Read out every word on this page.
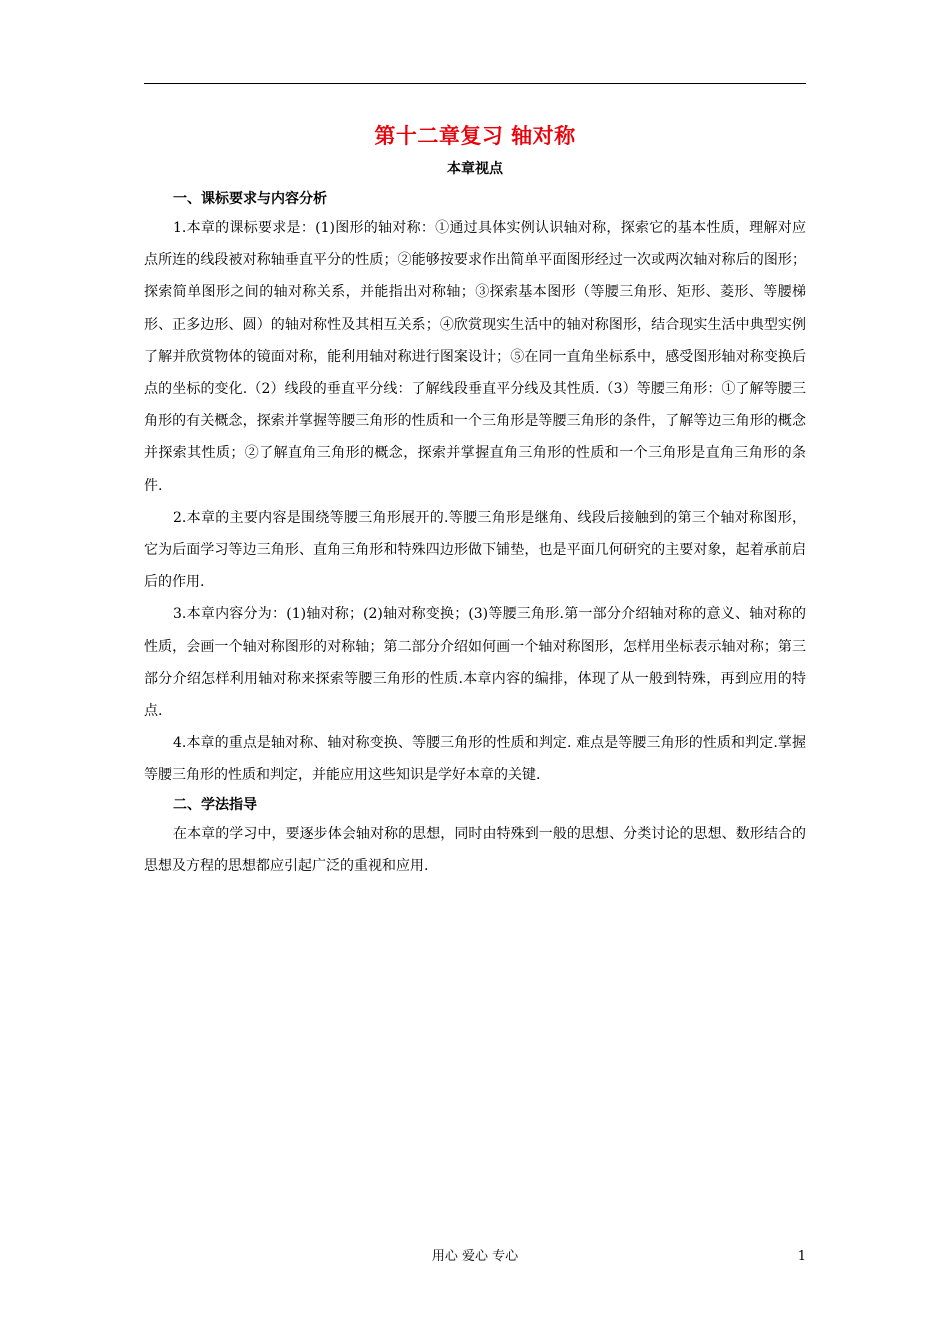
第十二章复习 轴对称
本章视点
一、课标要求与内容分析

1.本章的课标要求是：(1)图形的轴对称：①通过具体实例认识轴对称，探索它的基本性质，理解对应点所连的线段被对称轴垂直平分的性质；②能够按要求作出简单平面图形经过一次或两次轴对称后的图形；探索简单图形之间的轴对称关系，并能指出对称轴；③探索基本图形（等腰三角形、矩形、菱形、等腰梯形、正多边形、圆）的轴对称性及其相互关系；④欣赏现实生活中的轴对称图形，结合现实生活中典型实例了解并欣赏物体的镜面对称，能利用轴对称进行图案设计；⑤在同一直角坐标系中，感受图形轴对称变换后点的坐标的变化.（2）线段的垂直平分线：了解线段垂直平分线及其性质.（3）等腰三角形：①了解等腰三角形的有关概念，探索并掌握等腰三角形的性质和一个三角形是等腰三角形的条件，了解等边三角形的概念并探索其性质；②了解直角三角形的概念，探索并掌握直角三角形的性质和一个三角形是直角三角形的条件.

2.本章的主要内容是围绕等腰三角形展开的.等腰三角形是继角、线段后接触到的第三个轴对称图形，它为后面学习等边三角形、直角三角形和特殊四边形做下铺垫，也是平面几何研究的主要对象，起着承前启后的作用.

3.本章内容分为：(1)轴对称；(2)轴对称变换；(3)等腰三角形.第一部分介绍轴对称的意义、轴对称的性质，会画一个轴对称图形的对称轴；第二部分介绍如何画一个轴对称图形，怎样用坐标表示轴对称；第三部分介绍怎样利用轴对称来探索等腰三角形的性质.本章内容的编排，体现了从一般到特殊，再到应用的特点.

4.本章的重点是轴对称、轴对称变换、等腰三角形的性质和判定. 难点是等腰三角形的性质和判定.掌握等腰三角形的性质和判定，并能应用这些知识是学好本章的关键.

二、学法指导

在本章的学习中，要逐步体会轴对称的思想，同时由特殊到一般的思想、分类讨论的思想、数形结合的思想及方程的思想都应引起广泛的重视和应用.

用心 爱心 专心	1
